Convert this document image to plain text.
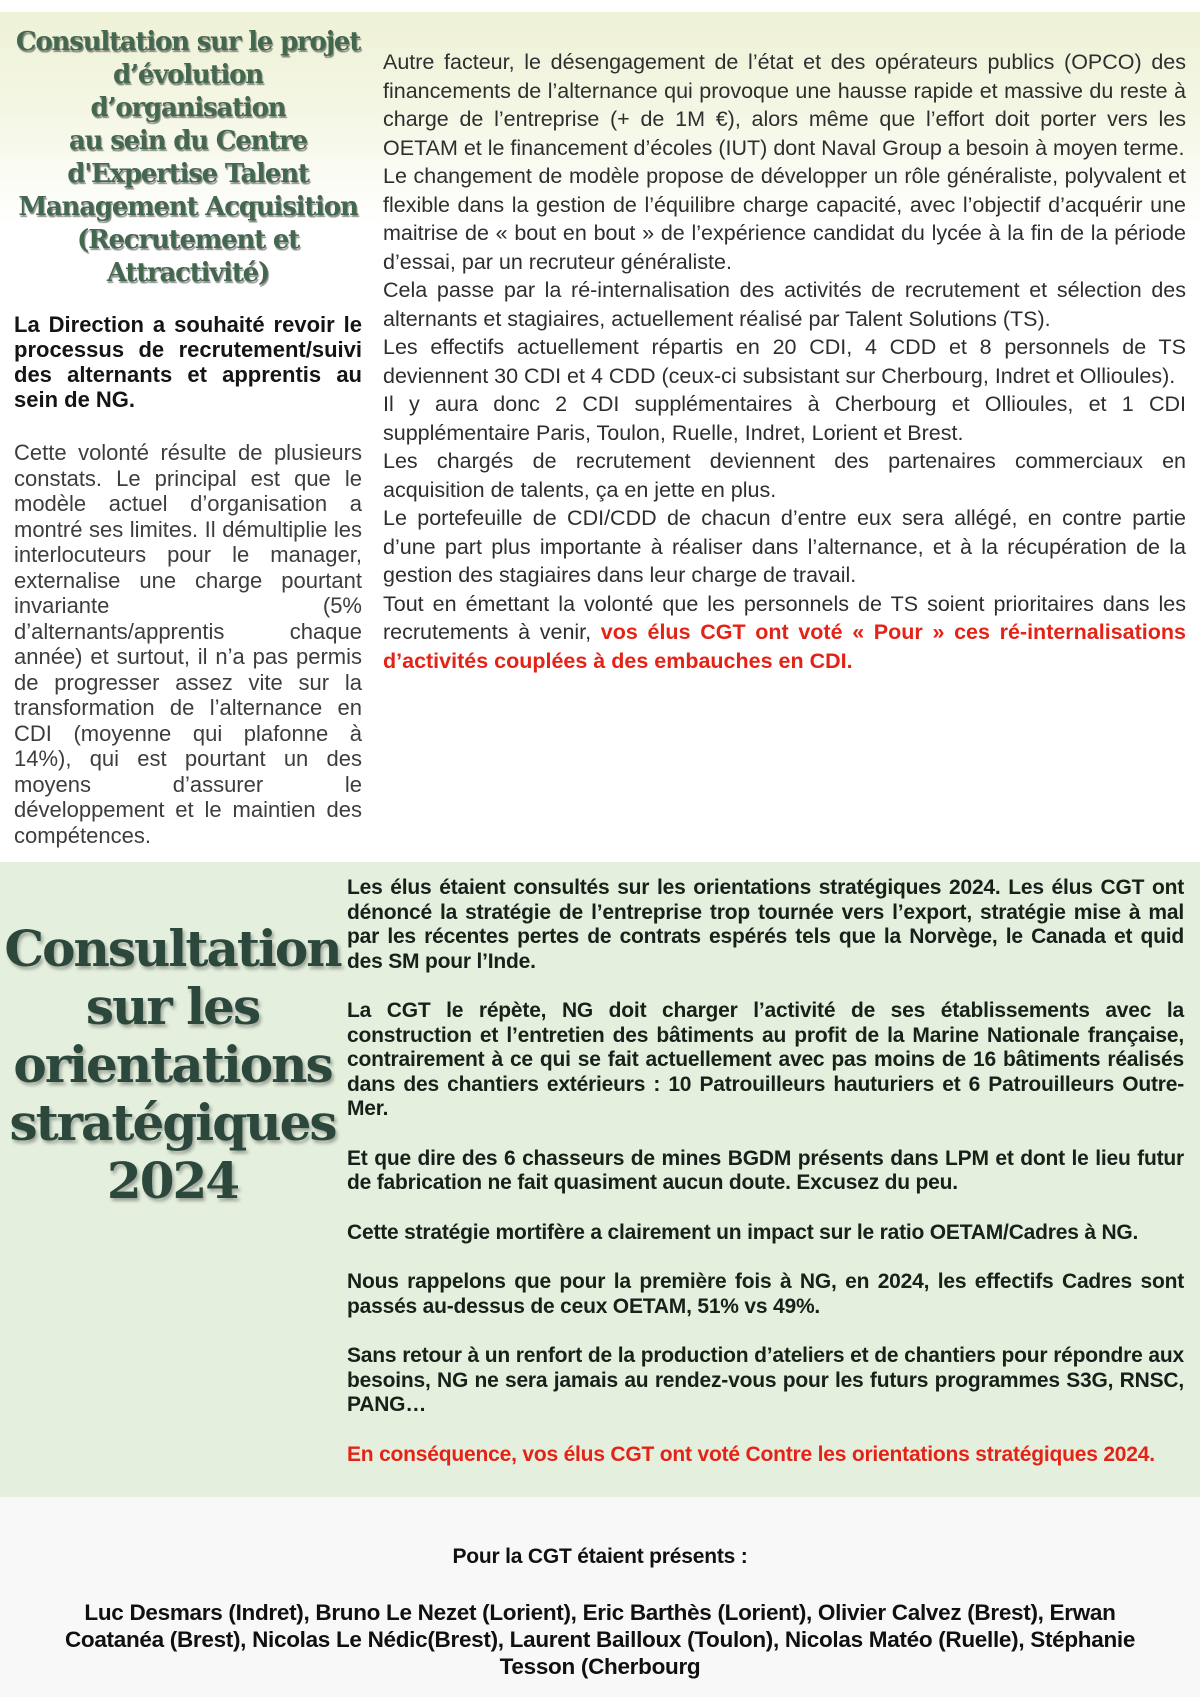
Consultation sur le projet
d’évolution d’organisation
au sein du Centre
d'Expertise Talent
Management Acquisition
(Recrutement et
Attractivité)
La Direction a souhaité revoir le processus de recrutement/suivi des alternants et apprentis au sein de NG.
Cette volonté résulte de plusieurs constats. Le principal est que le modèle actuel d’organisation a montré ses limites. Il démultiplie les interlocuteurs pour le manager, externalise une charge pourtant invariante (5% d’alternants/apprentis chaque année) et surtout, il n’a pas permis de progresser assez vite sur la transformation de l’alternance en CDI (moyenne qui plafonne à 14%), qui est pourtant un des moyens d’assurer le développement et le maintien des compétences.

Autre facteur, le désengagement de l’état et des opérateurs publics (OPCO) des financements de l’alternance qui provoque une hausse rapide et massive du reste à charge de l’entreprise (+ de 1M €), alors même que l’effort doit porter vers les OETAM et le financement d’écoles (IUT) dont Naval Group a besoin à moyen terme.

Le changement de modèle propose de développer un rôle généraliste, polyvalent et flexible dans la gestion de l’équilibre charge capacité, avec l’objectif d’acquérir une maitrise de « bout en bout » de l’expérience candidat du lycée à la fin de la période d’essai, par un recruteur généraliste.

Cela passe par la ré-internalisation des activités de recrutement et sélection des alternants et stagiaires, actuellement réalisé par Talent Solutions (TS).

Les effectifs actuellement répartis en 20 CDI, 4 CDD et 8 personnels de TS deviennent 30 CDI et 4 CDD (ceux-ci subsistant sur Cherbourg, Indret et Ollioules).

Il y aura donc 2 CDI supplémentaires à Cherbourg et Ollioules, et 1 CDI supplémentaire Paris, Toulon, Ruelle, Indret, Lorient et Brest.

Les chargés de recrutement deviennent des partenaires commerciaux en acquisition de talents, ça en jette en plus.

Le portefeuille de CDI/CDD de chacun d’entre eux sera allégé, en contre partie d’une part plus importante à réaliser dans l’alternance, et à la récupération de la gestion des stagiaires dans leur charge de travail.

Tout en émettant la volonté que les personnels de TS soient prioritaires dans les recrutements à venir, vos élus CGT ont voté « Pour » ces ré-internalisations d’activités couplées à des embauches en CDI.

Consultation
sur les
orientations
stratégiques
2024

Les élus étaient consultés sur les orientations stratégiques 2024. Les élus CGT ont dénoncé la stratégie de l’entreprise trop tournée vers l’export, stratégie mise à mal par les récentes pertes de contrats espérés tels que la Norvège, le Canada et quid des SM pour l’Inde.

La CGT le répète, NG doit charger l’activité de ses établissements avec la construction et l’entretien des bâtiments au profit de la Marine Nationale française, contrairement à ce qui se fait actuellement avec pas moins de 16 bâtiments réalisés dans des chantiers extérieurs : 10 Patrouilleurs hauturiers et 6 Patrouilleurs Outre-Mer.

Et que dire des 6 chasseurs de mines BGDM présents dans LPM et dont le lieu futur de fabrication ne fait quasiment aucun doute. Excusez du peu.

Cette stratégie mortifère a clairement un impact sur le ratio OETAM/Cadres à NG.

Nous rappelons que pour la première fois à NG, en 2024, les effectifs Cadres sont passés au-dessus de ceux OETAM, 51% vs 49%.

Sans retour à un renfort de la production d’ateliers et de chantiers pour répondre aux besoins, NG ne sera jamais au rendez-vous pour les futurs programmes S3G, RNSC, PANG…

En conséquence, vos élus CGT ont voté Contre les orientations stratégiques 2024.

Pour la CGT étaient présents :
Luc Desmars (Indret), Bruno Le Nezet (Lorient), Eric Barthès (Lorient), Olivier Calvez (Brest), Erwan Coatanéa (Brest), Nicolas Le Nédic(Brest), Laurent Bailloux (Toulon), Nicolas Matéo (Ruelle), Stéphanie Tesson (Cherbourg
